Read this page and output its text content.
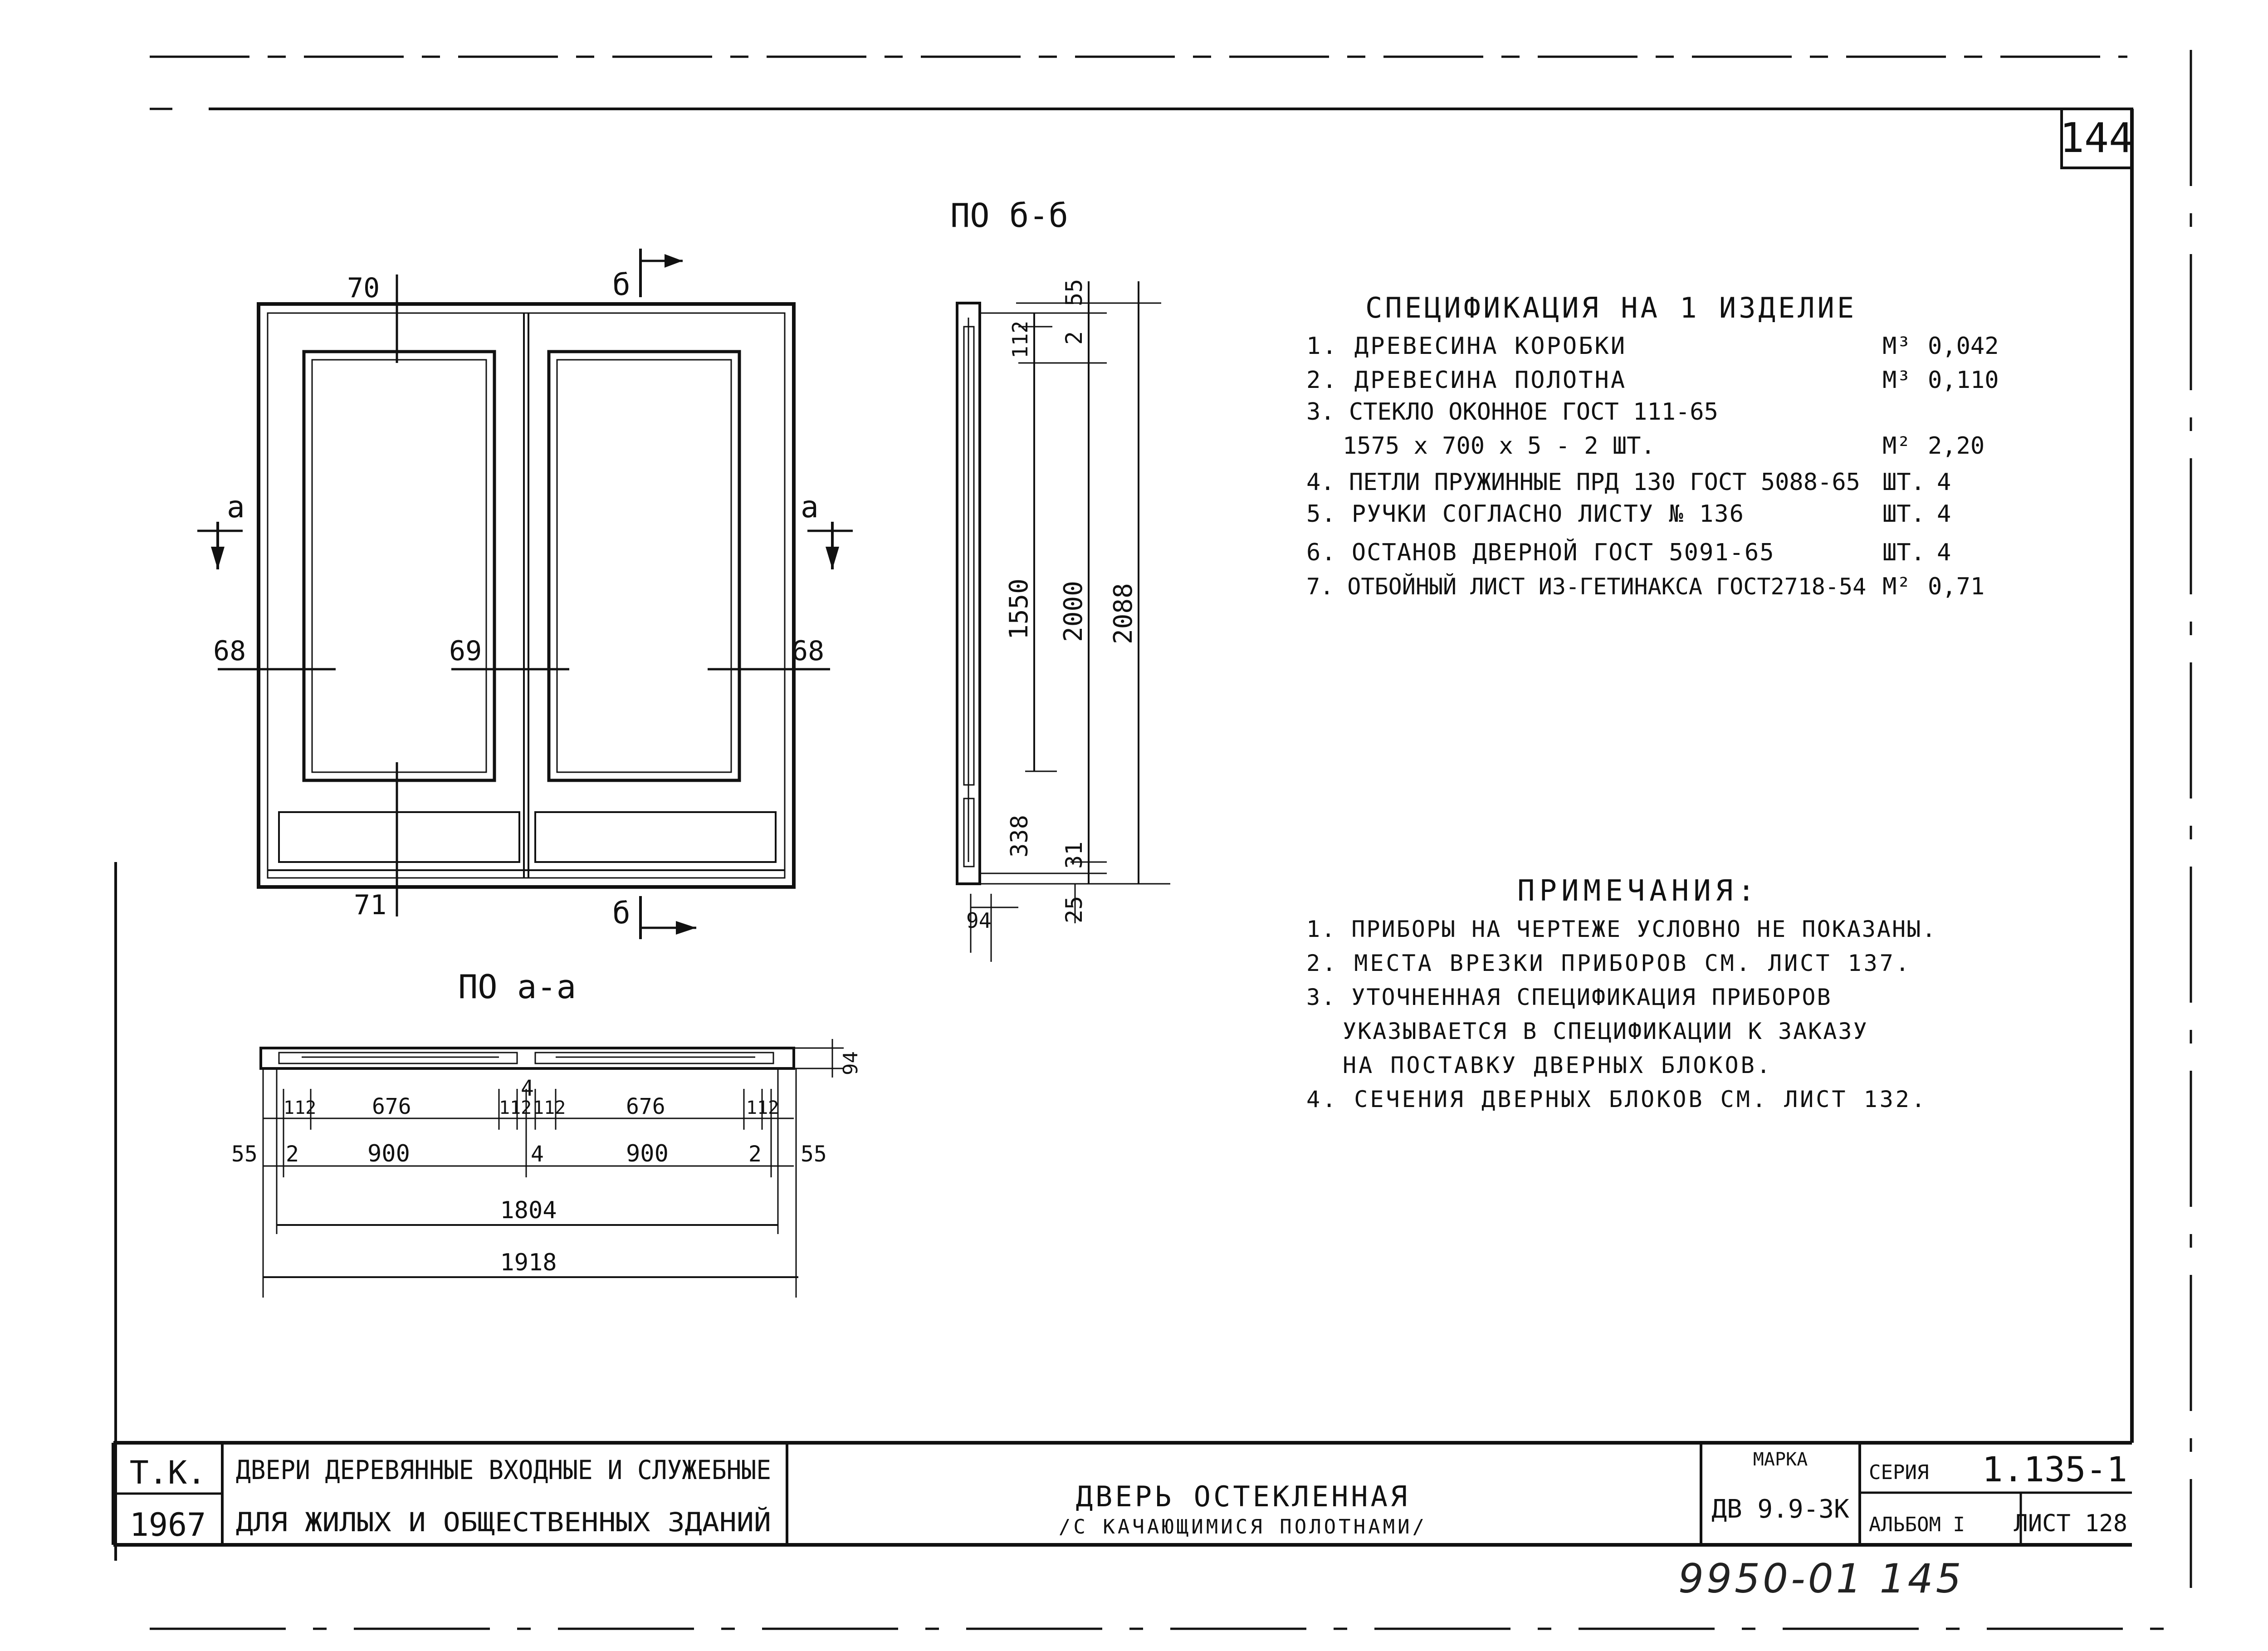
144
ПО б-б
ПО а-а
а	а
б
б
70
71
68	69	68
55
2
112
1550 2000 2088
338 31
25
94
112	676	112 112	676	112
4
55 2	900	4	900	2 55
1804
1918
94
СПЕЦИФИКАЦИЯ НА 1 ИЗДЕЛИЕ
1. ДРЕВЕСИНА КОРОБКИ	М³ 0,042
2. ДРЕВЕСИНА ПОЛОТНА	М³ 0,110
3. СТЕКЛО ОКОННОЕ ГОСТ 111-65
1575 x 700 x 5 - 2 ШТ.	М² 2,20
4. ПЕТЛИ ПРУЖИННЫЕ ПРД 130 ГОСТ 5088-65 ШТ. 4
5. РУЧКИ СОГЛАСНО ЛИСТУ № 136	ШТ. 4
6. ОСТАНОВ ДВЕРНОЙ ГОСТ 5091-65	ШТ. 4
7. ОТБОЙНЫЙ ЛИСТ ИЗ-ГЕТИНАКСА ГОСТ2718-54 М² 0,71
ПРИМЕЧАНИЯ:
1. ПРИБОРЫ НА ЧЕРТЕЖЕ УСЛОВНО НЕ ПОКАЗАНЫ.
2. МЕСТА ВРЕЗКИ ПРИБОРОВ СМ. ЛИСТ 137.
3. УТОЧНЕННАЯ СПЕЦИФИКАЦИЯ ПРИБОРОВ
УКАЗЫВАЕТСЯ В СПЕЦИФИКАЦИИ К ЗАКАЗУ
НА ПОСТАВКУ ДВЕРНЫХ БЛОКОВ.
4. СЕЧЕНИЯ ДВЕРНЫХ БЛОКОВ СМ. ЛИСТ 132.
Т.К.
1967
ДВЕРИ ДЕРЕВЯННЫЕ ВХОДНЫЕ И СЛУЖЕБНЫЕ
ДЛЯ ЖИЛЫХ И ОБЩЕСТВЕННЫХ ЗДАНИЙ
ДВЕРЬ ОСТЕКЛЕННАЯ
/С КАЧАЮЩИМИСЯ ПОЛОТНАМИ/
МАРКА
ДВ 9.9-3К
СЕРИЯ 1.135-1
АЛЬБОМ I ЛИСТ 128
9950-01 145
